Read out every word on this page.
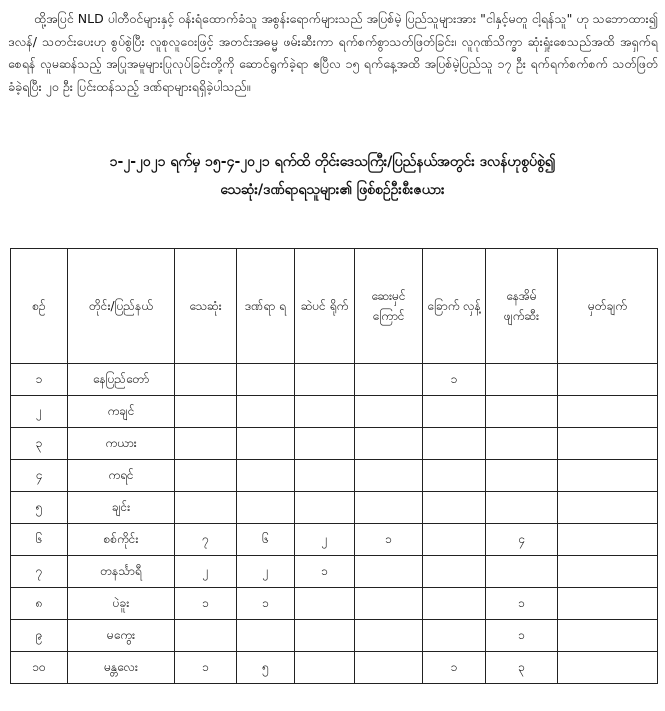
ထို့အပြင် NLD ပါတီဝင်များနှင့် ဝန်းရံထောက်ခံသူ အစွန်းရောက်များသည် အပြစ်မဲ့ ပြည်သူများအား "ငါနှင့်မတူ ငါ့ရန်သူ" ဟု သဘောထား၍ ဒလန်/ သတင်းပေးဟု စွပ်စွဲပြီး လူစုလူဝေးဖြင့် အတင်းအဓမ္မ ဖမ်းဆီးကာ ရက်စက်စွာသတ်ဖြတ်ခြင်း၊ လူဂုဏ်သိက္ခာ ဆုံးရှုံးစေသည်အထိ အရှက်ရစေရန် လူမဆန်သည့် အပြုအမူများပြုလုပ်ခြင်းတို့ကို ဆောင်ရွက်ခဲ့ရာ ဧပြီလ ၁၅ ရက်နေ့အထိ အပြစ်မဲ့ပြည်သူ ၁၇ ဦး ရက်ရက်စက်စက် သတ်ဖြတ်ခံခဲ့ရပြီး ၂၀ ဦး ပြင်းထန်သည့် ဒဏ်ရာများရရှိခဲ့ပါသည်။

၁-၂-၂၀၂၁ ရက်မှ ၁၅-၄-၂၀၂၁ ရက်ထိ တိုင်းဒေသကြီး/ပြည်နယ်အတွင်း ဒလန်ဟုစွပ်စွဲ၍
သေဆုံး/ဒဏ်ရာရသူများ၏ ဖြစ်စဉ်ဦးစီးဇယား
စဉ်	တိုင်း/ပြည်နယ်	သေဆုံး	ဒဏ်ရာ ရ	ဆဲပင် ရိုက်	ဆေးမှင် ကြောင်	ခြောက် လှန့်	နေအိမ် ဖျက်ဆီး	မှတ်ချက်
၁	နေပြည်တော်					၁		
၂	ကချင်							
၃	ကယား							
၄	ကရင်							
၅	ချင်း							
၆	စစ်ကိုင်း	၇	၆	၂	၁		၄	
၇	တနင်္သာရီ	၂	၂	၁				
၈	ပဲခူး	၁	၁				၁	
၉	မကွေး						၁	
၁၀	မန္တလေး	၁	၅			၁	၃	
